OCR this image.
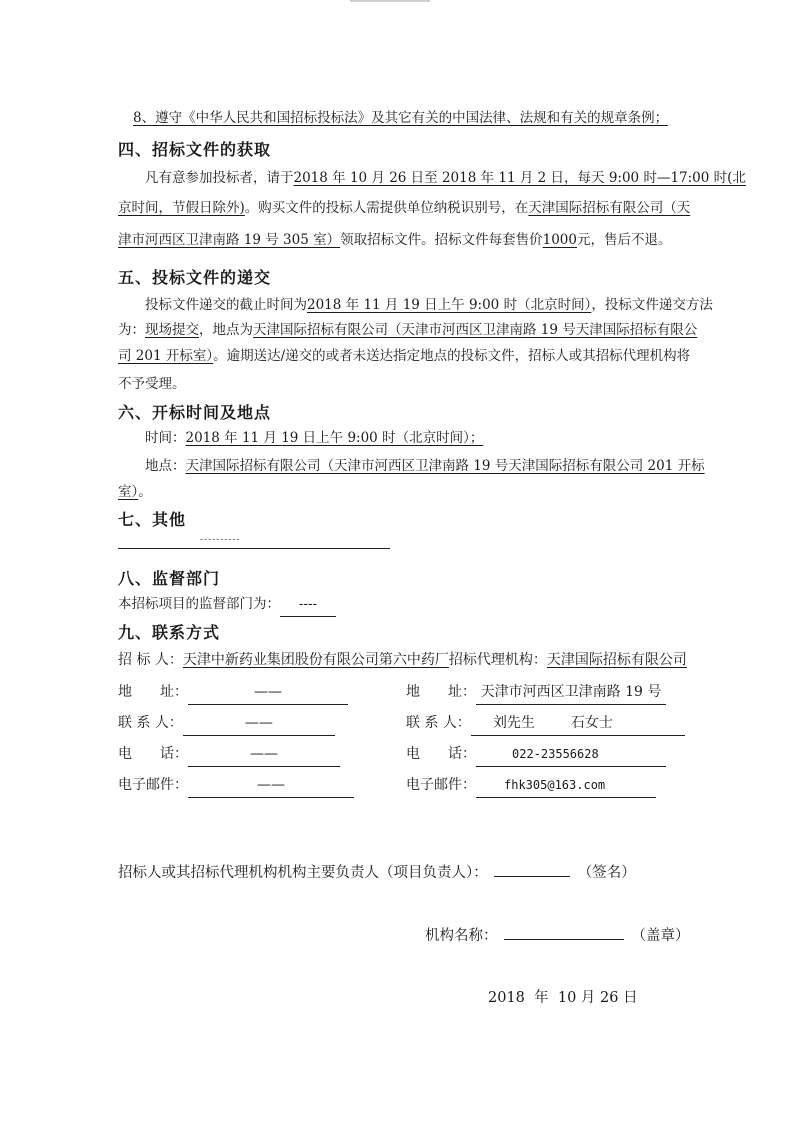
8、遵守《中华人民共和国招标投标法》及其它有关的中国法律、法规和有关的规章条例；
四、招标文件的获取
凡有意参加投标者，请于2018 年 10 月 26 日至 2018 年 11 月 2 日，每天 9:00 时—17:00 时(北
京时间，节假日除外)。购买文件的投标人需提供单位纳税识别号，在天津国际招标有限公司（天
津市河西区卫津南路 19 号 305 室）领取招标文件。招标文件每套售价1000元，售后不退。
五、投标文件的递交
投标文件递交的截止时间为2018 年 11 月 19 日上午 9:00 时（北京时间），投标文件递交方法
为：现场提交，地点为天津国际招标有限公司（天津市河西区卫津南路 19 号天津国际招标有限公
司 201 开标室）。逾期送达/递交的或者未送达指定地点的投标文件，招标人或其招标代理机构将
不予受理。
六、开标时间及地点
时间：2018 年 11 月 19 日上午 9:00 时（北京时间）；
地点：天津国际招标有限公司（天津市河西区卫津南路 19 号天津国际招标有限公司 201 开标
室）。
七、其他
----------
八、监督部门
本招标项目的监督部门为： ----
九、联系方式
招 标 人：天津中新药业集团股份有限公司第六中药厂招标代理机构：天津国际招标有限公司
地　　址：	——
联 系 人：	——
电　　话：	——
电子邮件：	——
地　　址： 天津市河西区卫津南路 19 号
联 系 人： 刘先生	石女士
电　　话：	022-23556628
电子邮件： fhk305@163.com
招标人或其招标代理机构机构主要负责人（项目负责人）：	（签名）
机构名称：	（盖章）
2018  年  10 月 26 日
